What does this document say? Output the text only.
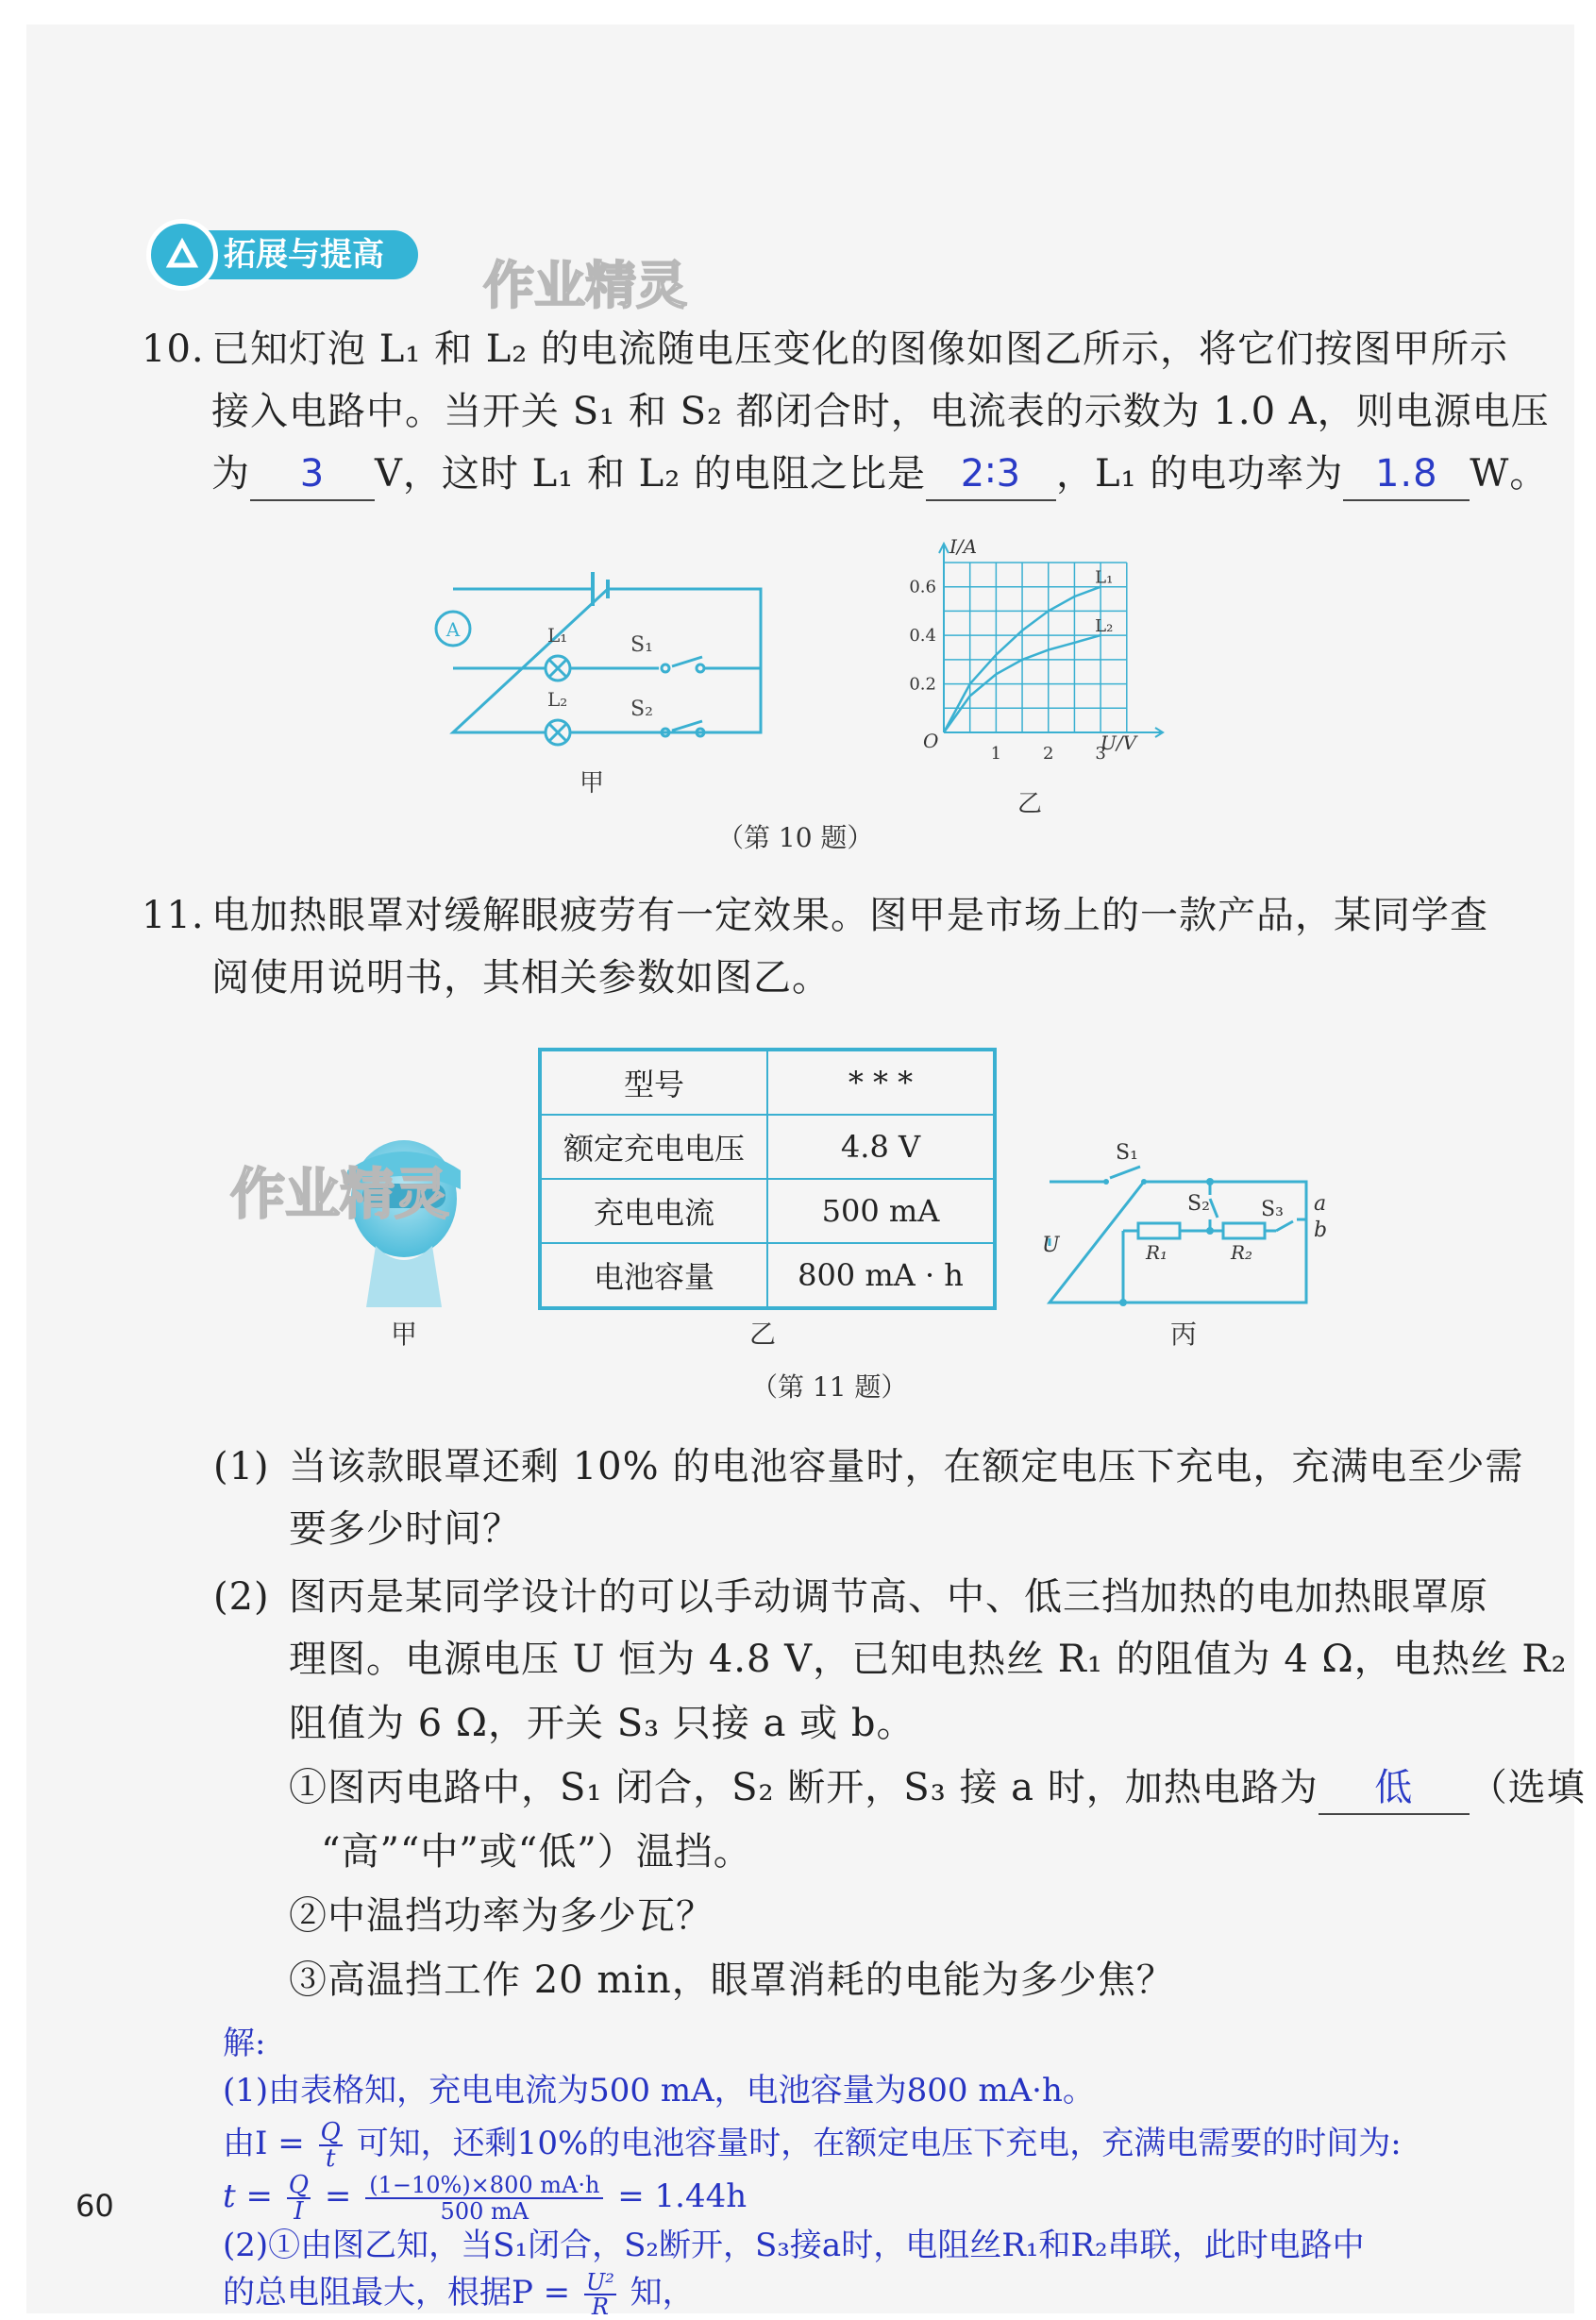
拓展与提高
作业精灵
10. 已知灯泡 L₁ 和 L₂ 的电流随电压变化的图像如图乙所示，将它们按图甲所示
接入电路中。当开关 S₁ 和 S₂ 都闭合时，电流表的示数为 1.0 A，则电源电压
为 3 V，这时 L₁ 和 L₂ 的电阻之比是 2∶3 ，L₁ 的电功率为 1.8 W。
A	L₁
L₂
S₁
S₂
甲
L₁
L₂
I/A
U/V
O
0.6
0.4
0.2
1 2 3
乙
（第 10 题）
11. 电加热眼罩对缓解眼疲劳有一定效果。图甲是市场上的一款产品，某同学查
阅使用说明书，其相关参数如图乙。
作业精灵
甲
型号	* * *
额定充电电压	4.8 V
充电电流	500 mA
电池容量	800 mA · h
乙
U
S₁
S₂ S₃ a
b
R₁	R₂
丙
（第 11 题）
(1) 当该款眼罩还剩 10% 的电池容量时，在额定电压下充电，充满电至少需
要多少时间？
(2) 图丙是某同学设计的可以手动调节高、中、低三挡加热的电加热眼罩原
理图。电源电压 U 恒为 4.8 V，已知电热丝 R₁ 的阻值为 4 Ω，电热丝 R₂
阻值为 6 Ω，开关 S₃ 只接 a 或 b。
①图丙电路中，S₁ 闭合，S₂ 断开，S₃ 接 a 时，加热电路为 低 （选填
“高”“中”或“低”）温挡。
②中温挡功率为多少瓦？
③高温挡工作 20 min，眼罩消耗的电能为多少焦？
解:
(1)由表格知，充电电流为500 mA，电池容量为800 mA·h。
由$I = \frac{Q}{t}$ 可知，还剩10%的电池容量时，在额定电压下充电，充满电需要的时间为:
$t = \frac{Q}{I} = \frac{(1-10\%)\times 800 mA\cdot h}{500 mA} = 1.44h$
60
(2)①由图乙知，当S₁闭合，S₂断开，S₃接a时，电阻丝R₁和R₂串联，此时电路中
的总电阻最大，根据$P = \frac{\text{U²}}{R}$ 知，
